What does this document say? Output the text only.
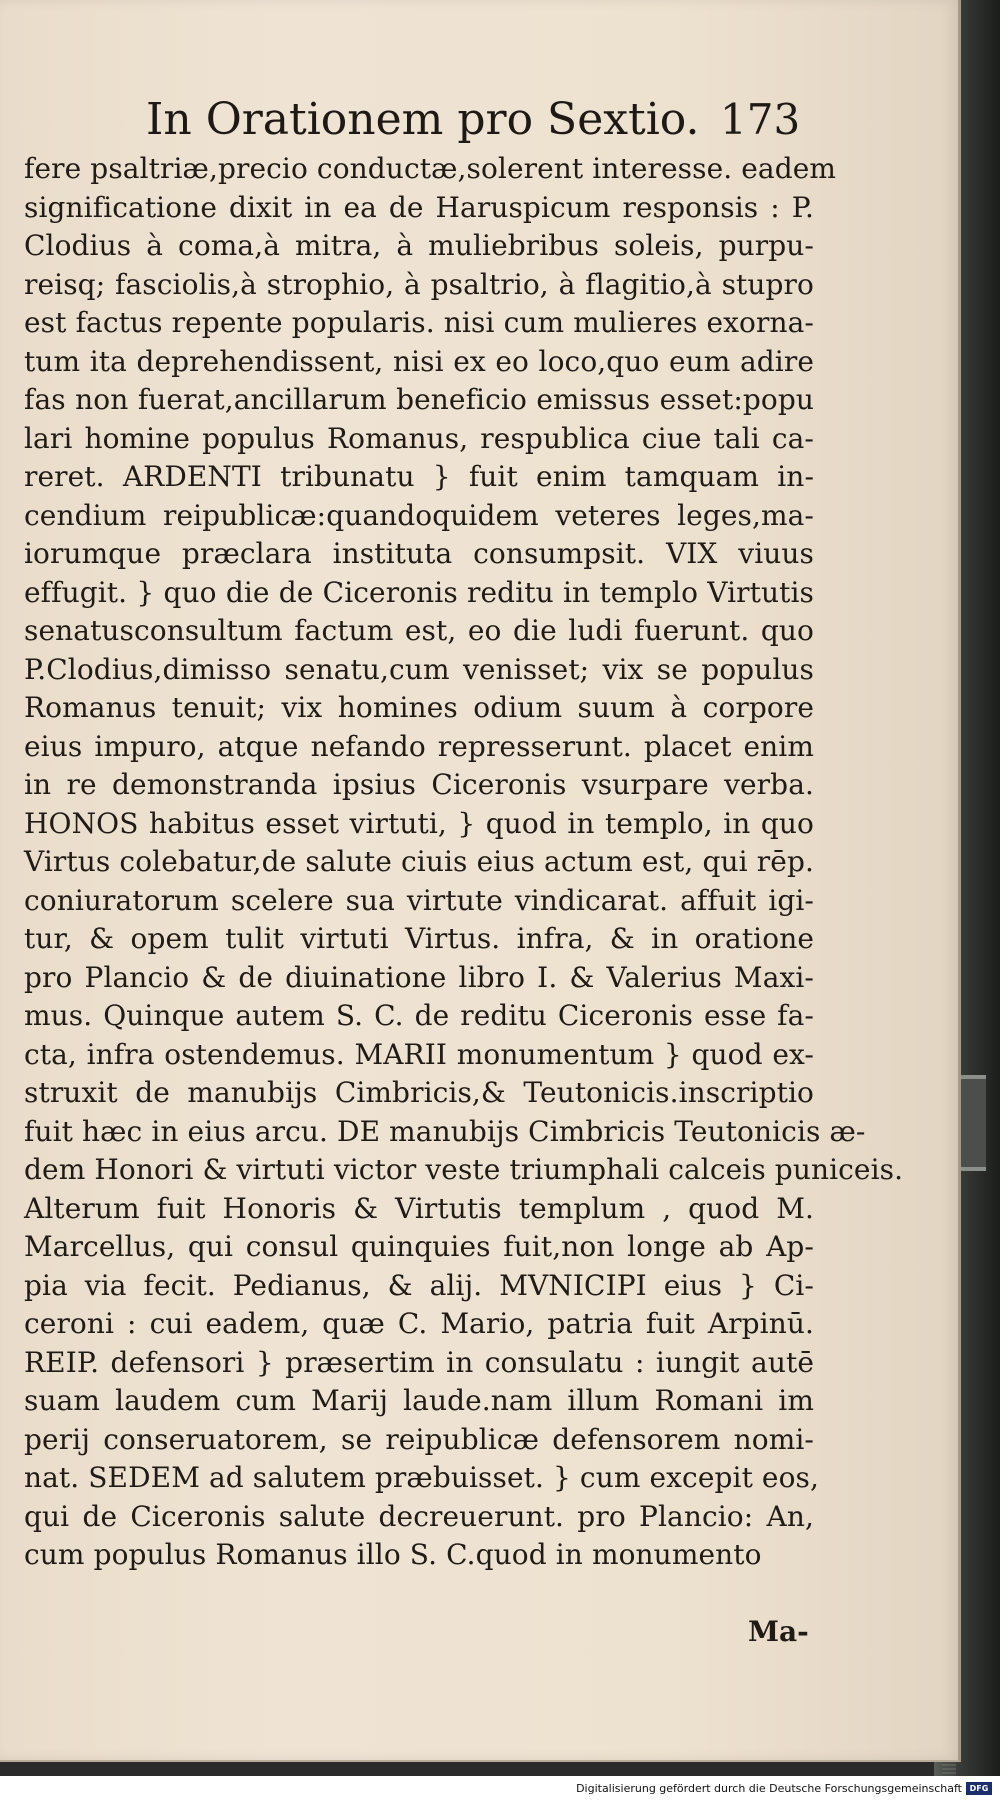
In Orationem pro Sextio. 173
fere psaltriæ,precio conductæ,solerent interesse. eadem
significatione dixit in ea de Haruspicum responsis : P.
Clodius à coma,à mitra, à muliebribus soleis, purpu-
reisq; fasciolis,à strophio, à psaltrio, à flagitio,à stupro
est factus repente popularis. nisi cum mulieres exorna-
tum ita deprehendissent, nisi ex eo loco,quo eum adire
fas non fuerat,ancillarum beneficio emissus esset:popu
lari homine populus Romanus, respublica ciue tali ca-
reret. ARDENTI tribunatu } fuit enim tamquam in-
cendium reipublicæ:quandoquidem veteres leges,ma-
iorumque præclara instituta consumpsit. VIX viuus
effugit. } quo die de Ciceronis reditu in templo Virtutis
senatusconsultum factum est, eo die ludi fuerunt. quo
P.Clodius,dimisso senatu,cum venisset; vix se populus
Romanus tenuit; vix homines odium suum à corpore
eius impuro, atque nefando represserunt. placet enim
in re demonstranda ipsius Ciceronis vsurpare verba.
HONOS habitus esset virtuti, } quod in templo, in quo
Virtus colebatur,de salute ciuis eius actum est, qui rēp.
coniuratorum scelere sua virtute vindicarat. affuit igi-
tur, & opem tulit virtuti Virtus. infra, & in oratione
pro Plancio & de diuinatione libro I. & Valerius Maxi-
mus. Quinque autem S. C. de reditu Ciceronis esse fa-
cta, infra ostendemus. MARII monumentum } quod ex-
struxit de manubijs Cimbricis,& Teutonicis.inscriptio
fuit hæc in eius arcu. DE manubijs Cimbricis Teutonicis æ-
dem Honori & virtuti victor veste triumphali calceis puniceis.
Alterum fuit Honoris & Virtutis templum , quod M.
Marcellus, qui consul quinquies fuit,non longe ab Ap-
pia via fecit. Pedianus, & alij. MVNICIPI eius } Ci-
ceroni : cui eadem, quæ C. Mario, patria fuit Arpinū.
REIP. defensori } præsertim in consulatu : iungit autē
suam laudem cum Marij laude.nam illum Romani im
perij conseruatorem, se reipublicæ defensorem nomi-
nat. SEDEM ad salutem præbuisset. } cum excepit eos,
qui de Ciceronis salute decreuerunt. pro Plancio: An,
cum populus Romanus illo S. C.quod in monumento
Ma-
Digitalisierung gefördert durch die Deutsche Forschungsgemeinschaft DFG
